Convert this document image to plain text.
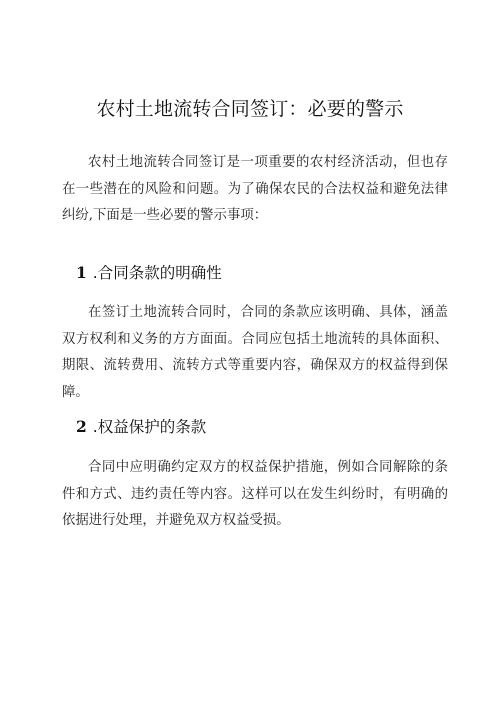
农村土地流转合同签订：必要的警示
农村土地流转合同签订是一项重要的农村经济活动，但也存在一些潜在的风险和问题。为了确保农民的合法权益和避免法律纠纷,下面是一些必要的警示事项：
1 .合同条款的明确性
在签订土地流转合同时，合同的条款应该明确、具体，涵盖双方权利和义务的方方面面。合同应包括土地流转的具体面积、期限、流转费用、流转方式等重要内容，确保双方的权益得到保障。
2 .权益保护的条款
合同中应明确约定双方的权益保护措施，例如合同解除的条件和方式、违约责任等内容。这样可以在发生纠纷时，有明确的依据进行处理，并避免双方权益受损。
